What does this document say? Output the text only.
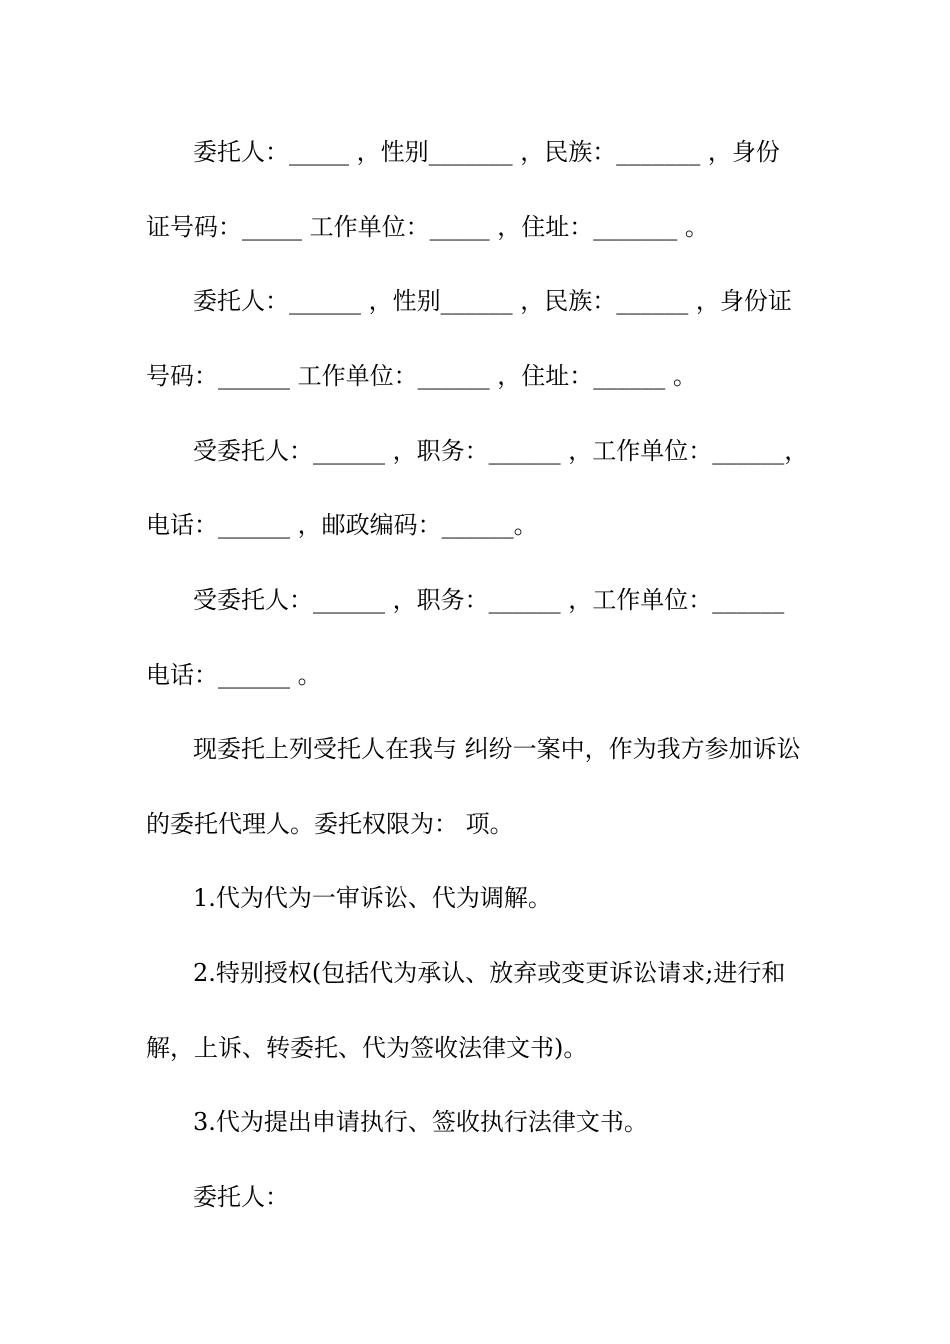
委托人：_____ ，性别_______ ，民族：_______ ，身份
证号码：_____ 工作单位：_____ ，住址：_______ 。
委托人：______ ，性别______ ，民族：______ ，身份证
号码：______ 工作单位：______ ，住址：______ 。
受委托人：______ ，职务：______ ，工作单位：______，
电话：______ ，邮政编码：______。
受委托人：______ ，职务：______ ，工作单位：______
电话：______ 。
现委托上列受托人在我与 纠纷一案中，作为我方参加诉讼
的委托代理人。委托权限为： 项。
1.代为代为一审诉讼、代为调解。
2.特别授权(包括代为承认、放弃或变更诉讼请求;进行和
解，上诉、转委托、代为签收法律文书)。
3.代为提出申请执行、签收执行法律文书。
委托人：
